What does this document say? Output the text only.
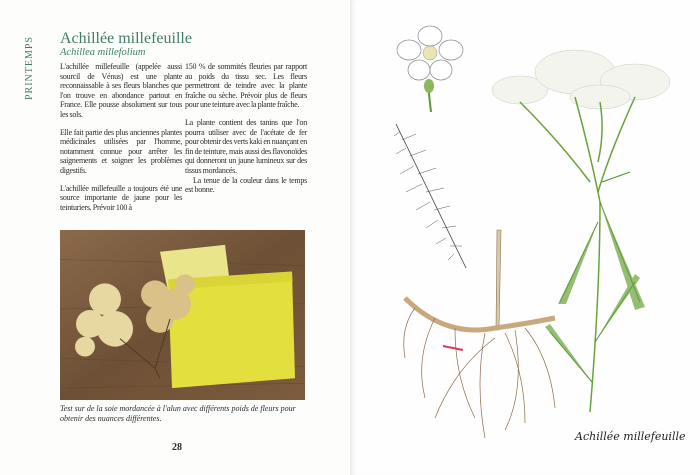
PRINTEMPS Achillée millefeuille
Achillea millefolium

L'achillée millefeuille (appelée aussi sourcil de Vénus) est une plante reconnaissable à ses fleurs blanches que l'on trouve en abondance partout en France. Elle pousse absolument sur tous les sols.

Elle fait partie des plus anciennes plantes médicinales utilisées par l'homme, notamment connue pour arrêter les saignements et soigner les problèmes digestifs.

L'achillée millefeuille a toujours été une source importante de jaune pour les teinturiers. Prévoir 100 à

150 % de sommités fleuries par rapport au poids du tissu sec. Les fleurs permettront de teindre avec la plante fraîche ou sèche. Prévoir plus de fleurs pour une teinture avec la plante fraîche.

La plante contient des tanins que l'on pourra utiliser avec de l'acétate de fer pour obtenir des verts kaki en nuançant en fin de teinture, mais aussi des flavonoïdes qui donneront un jaune lumineux sur des tissus mordancés.

La tenue de la couleur dans le temps est bonne.

Test sur de la soie mordancée à l'alun avec différents poids de fleurs pour obtenir des nuances différentes.
28
Achillée millefeuille
